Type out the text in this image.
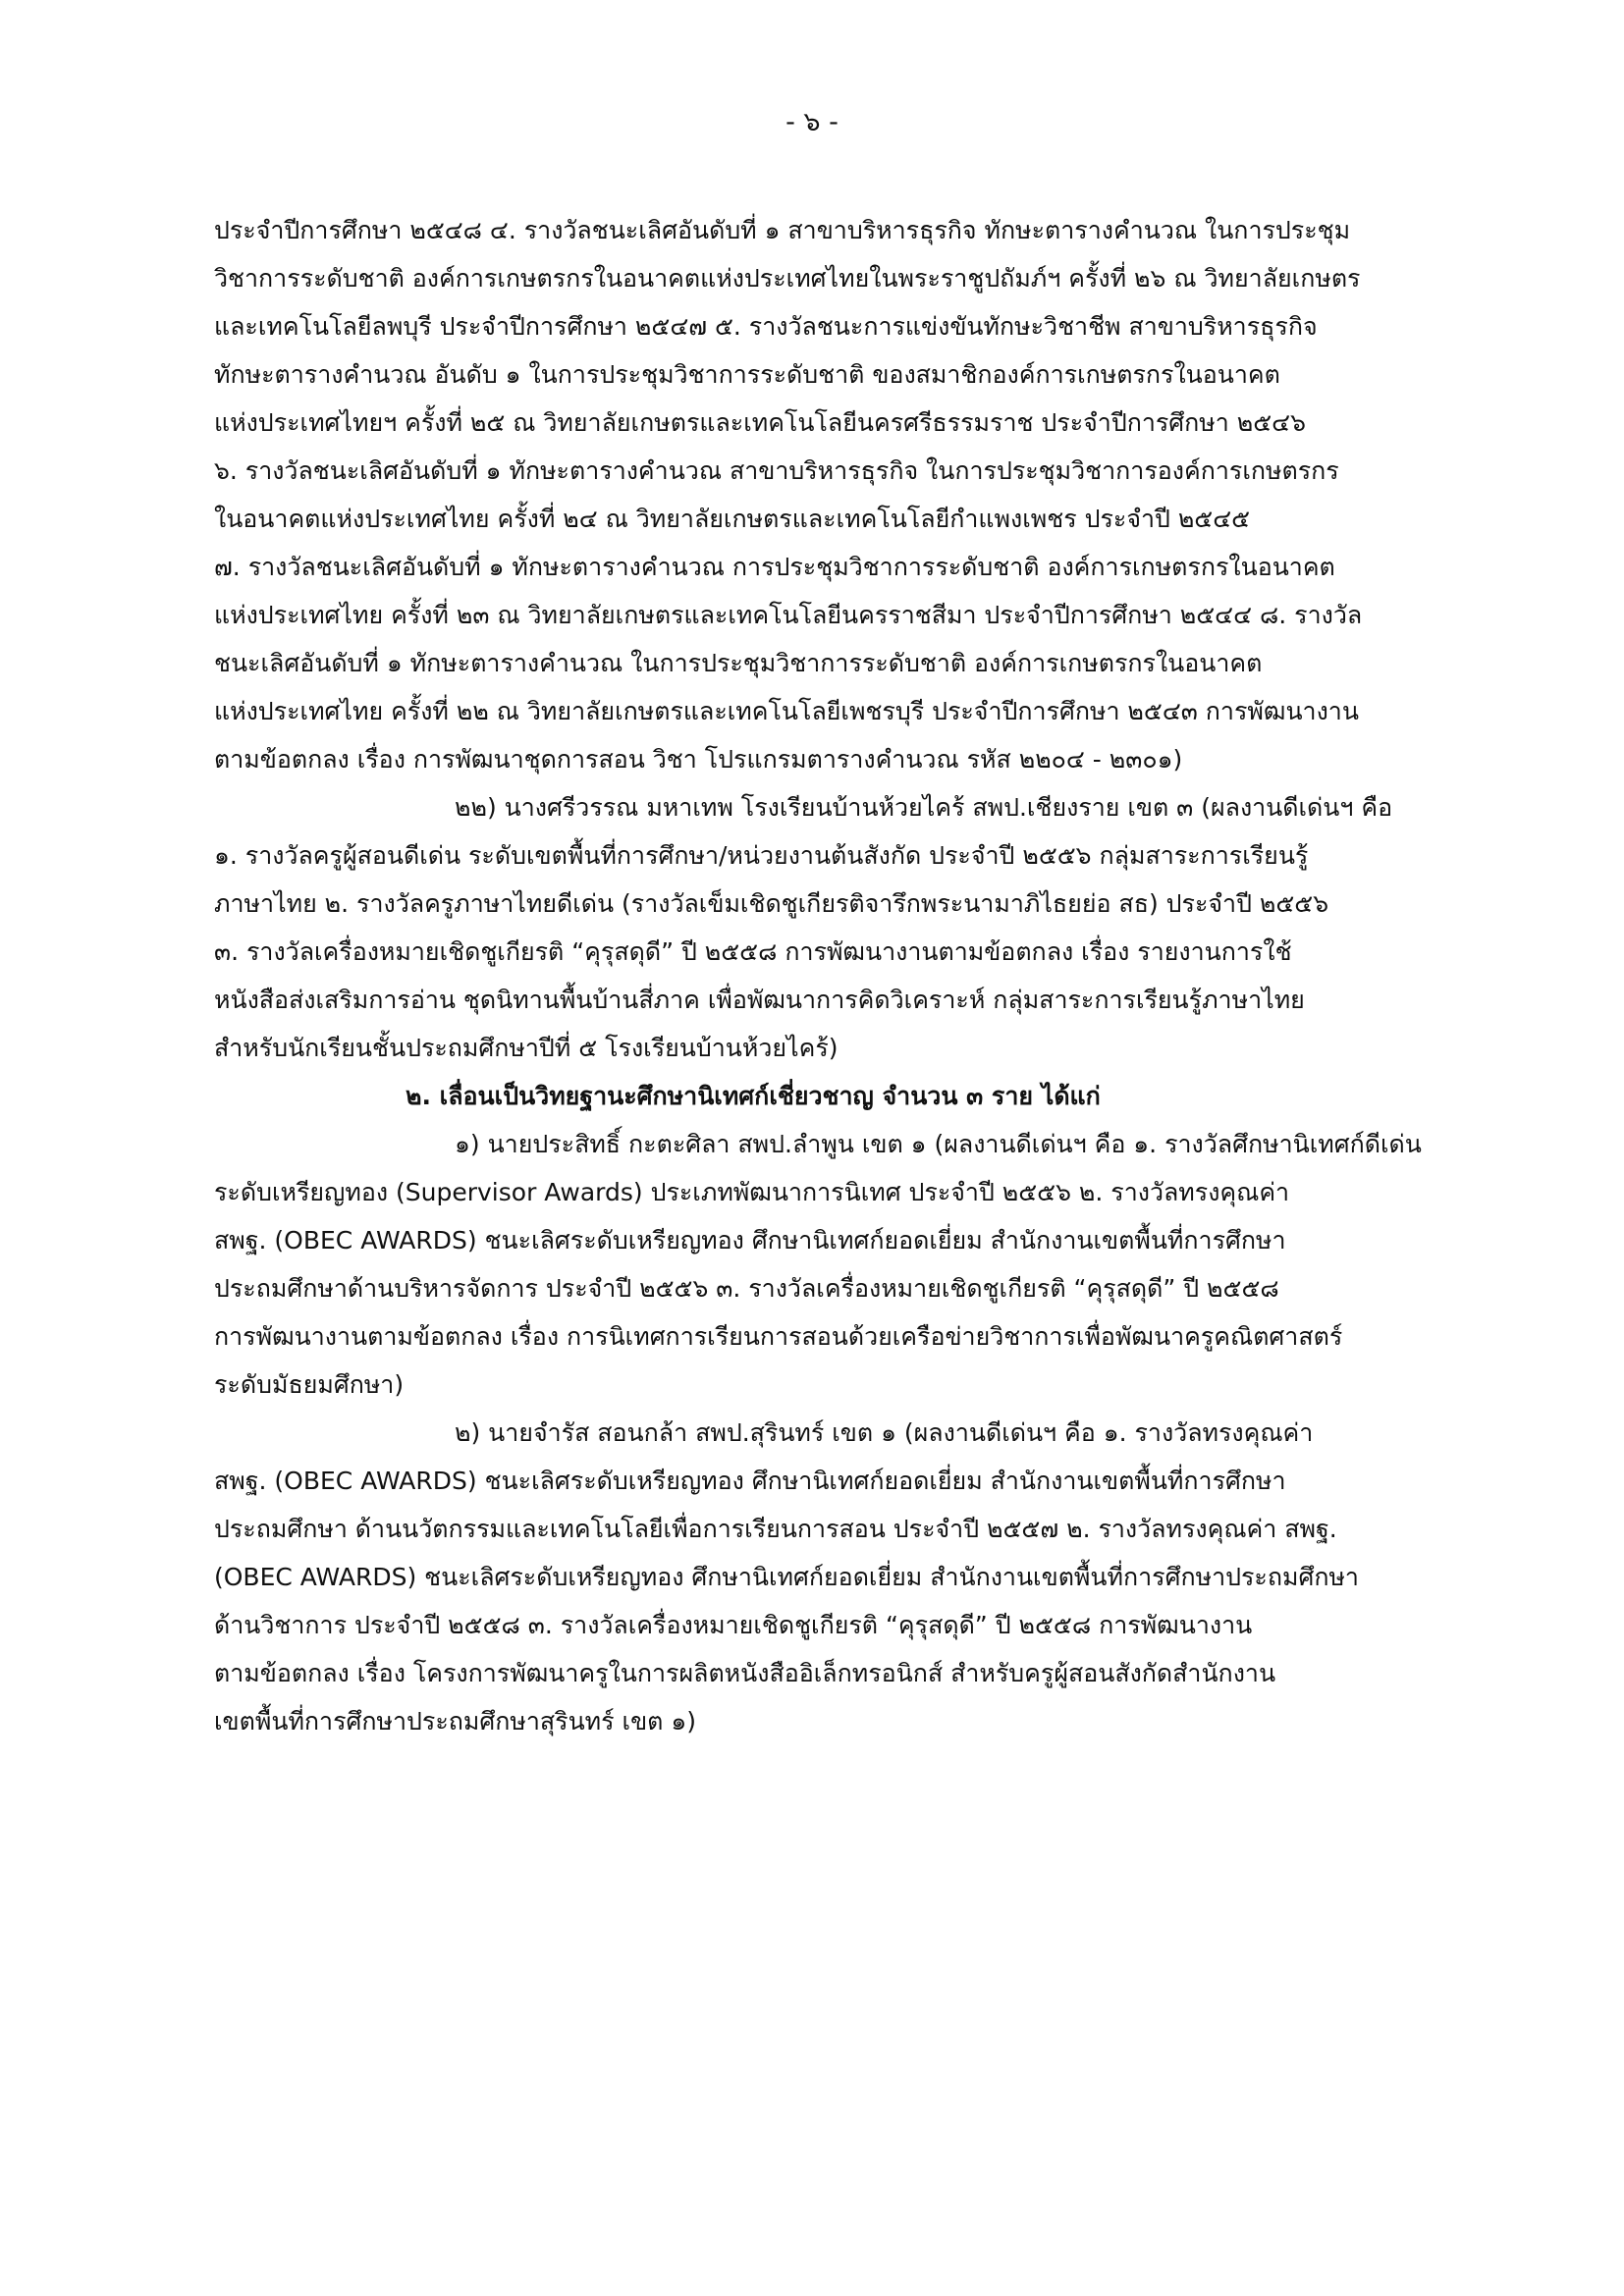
- ๖ -
ประจำปีการศึกษา ๒๕๔๘ ๔. รางวัลชนะเลิศอันดับที่ ๑ สาขาบริหารธุรกิจ ทักษะตารางคำนวณ ในการประชุม
วิชาการระดับชาติ องค์การเกษตรกรในอนาคตแห่งประเทศไทยในพระราชูปถัมภ์ฯ ครั้งที่ ๒๖ ณ วิทยาลัยเกษตร
และเทคโนโลยีลพบุรี ประจำปีการศึกษา ๒๕๔๗ ๕. รางวัลชนะการแข่งขันทักษะวิชาชีพ สาขาบริหารธุรกิจ
ทักษะตารางคำนวณ อันดับ ๑ ในการประชุมวิชาการระดับชาติ ของสมาชิกองค์การเกษตรกรในอนาคต
แห่งประเทศไทยฯ ครั้งที่ ๒๕ ณ วิทยาลัยเกษตรและเทคโนโลยีนครศรีธรรมราช ประจำปีการศึกษา ๒๕๔๖
๖. รางวัลชนะเลิศอันดับที่ ๑ ทักษะตารางคำนวณ สาขาบริหารธุรกิจ ในการประชุมวิชาการองค์การเกษตรกร
ในอนาคตแห่งประเทศไทย ครั้งที่ ๒๔ ณ วิทยาลัยเกษตรและเทคโนโลยีกำแพงเพชร ประจำปี ๒๕๔๕
๗. รางวัลชนะเลิศอันดับที่ ๑ ทักษะตารางคำนวณ การประชุมวิชาการระดับชาติ องค์การเกษตรกรในอนาคต
แห่งประเทศไทย ครั้งที่ ๒๓ ณ วิทยาลัยเกษตรและเทคโนโลยีนครราชสีมา ประจำปีการศึกษา ๒๕๔๔ ๘. รางวัล
ชนะเลิศอันดับที่ ๑ ทักษะตารางคำนวณ ในการประชุมวิชาการระดับชาติ องค์การเกษตรกรในอนาคต
แห่งประเทศไทย ครั้งที่ ๒๒ ณ วิทยาลัยเกษตรและเทคโนโลยีเพชรบุรี ประจำปีการศึกษา ๒๕๔๓ การพัฒนางาน
ตามข้อตกลง เรื่อง การพัฒนาชุดการสอน วิชา โปรแกรมตารางคำนวณ รหัส ๒๒๐๔ - ๒๓๐๑)
๒๒) นางศรีวรรณ มหาเทพ โรงเรียนบ้านห้วยไคร้ สพป.เชียงราย เขต ๓ (ผลงานดีเด่นฯ คือ
๑. รางวัลครูผู้สอนดีเด่น ระดับเขตพื้นที่การศึกษา/หน่วยงานต้นสังกัด ประจำปี ๒๕๕๖ กลุ่มสาระการเรียนรู้
ภาษาไทย ๒. รางวัลครูภาษาไทยดีเด่น (รางวัลเข็มเชิดชูเกียรติจารึกพระนามาภิไธยย่อ สธ) ประจำปี ๒๕๕๖
๓. รางวัลเครื่องหมายเชิดชูเกียรติ “คุรุสดุดี” ปี ๒๕๕๘ การพัฒนางานตามข้อตกลง เรื่อง รายงานการใช้
หนังสือส่งเสริมการอ่าน ชุดนิทานพื้นบ้านสี่ภาค เพื่อพัฒนาการคิดวิเคราะห์ กลุ่มสาระการเรียนรู้ภาษาไทย
สำหรับนักเรียนชั้นประถมศึกษาปีที่ ๕ โรงเรียนบ้านห้วยไคร้)
๒. เลื่อนเป็นวิทยฐานะศึกษานิเทศก์เชี่ยวชาญ จำนวน ๓ ราย ได้แก่
๑) นายประสิทธิ์ กะตะศิลา สพป.ลำพูน เขต ๑ (ผลงานดีเด่นฯ คือ ๑. รางวัลศึกษานิเทศก์ดีเด่น
ระดับเหรียญทอง (Supervisor Awards) ประเภทพัฒนาการนิเทศ ประจำปี ๒๕๕๖ ๒. รางวัลทรงคุณค่า
สพฐ. (OBEC AWARDS) ชนะเลิศระดับเหรียญทอง ศึกษานิเทศก์ยอดเยี่ยม สำนักงานเขตพื้นที่การศึกษา
ประถมศึกษาด้านบริหารจัดการ ประจำปี ๒๕๕๖ ๓. รางวัลเครื่องหมายเชิดชูเกียรติ “คุรุสดุดี” ปี ๒๕๕๘
การพัฒนางานตามข้อตกลง เรื่อง การนิเทศการเรียนการสอนด้วยเครือข่ายวิชาการเพื่อพัฒนาครูคณิตศาสตร์
ระดับมัธยมศึกษา)
๒) นายจำรัส สอนกล้า สพป.สุรินทร์ เขต ๑ (ผลงานดีเด่นฯ คือ ๑. รางวัลทรงคุณค่า
สพฐ. (OBEC AWARDS) ชนะเลิศระดับเหรียญทอง ศึกษานิเทศก์ยอดเยี่ยม สำนักงานเขตพื้นที่การศึกษา
ประถมศึกษา ด้านนวัตกรรมและเทคโนโลยีเพื่อการเรียนการสอน ประจำปี ๒๕๕๗ ๒. รางวัลทรงคุณค่า สพฐ.
(OBEC AWARDS) ชนะเลิศระดับเหรียญทอง ศึกษานิเทศก์ยอดเยี่ยม สำนักงานเขตพื้นที่การศึกษาประถมศึกษา
ด้านวิชาการ ประจำปี ๒๕๕๘ ๓. รางวัลเครื่องหมายเชิดชูเกียรติ “คุรุสดุดี” ปี ๒๕๕๘ การพัฒนางาน
ตามข้อตกลง เรื่อง โครงการพัฒนาครูในการผลิตหนังสืออิเล็กทรอนิกส์ สำหรับครูผู้สอนสังกัดสำนักงาน
เขตพื้นที่การศึกษาประถมศึกษาสุรินทร์ เขต ๑)
